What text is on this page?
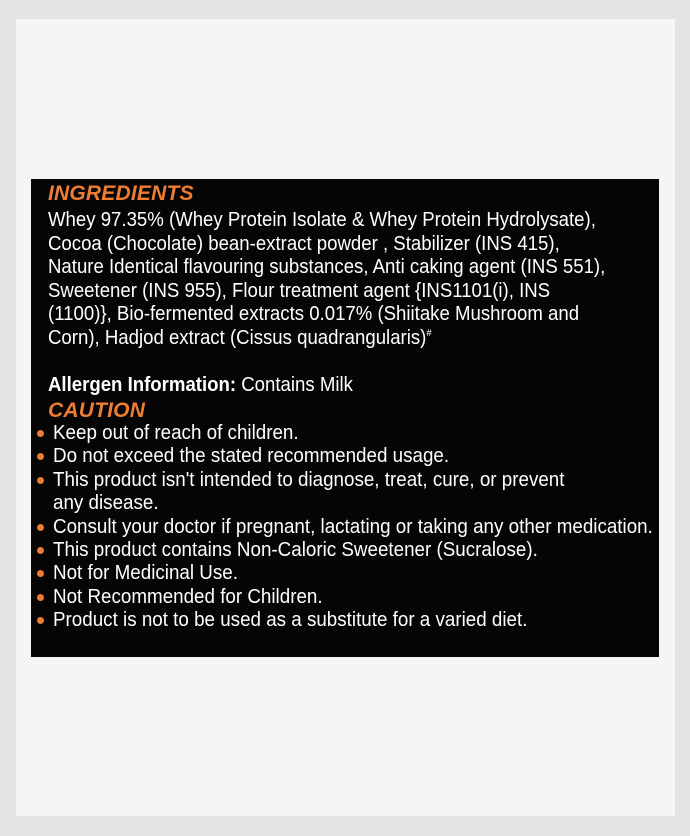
INGREDIENTS

Whey 97.35% (Whey Protein Isolate & Whey Protein Hydrolysate), Cocoa (Chocolate) bean-extract powder , Stabilizer (INS 415), Nature Identical flavouring substances, Anti caking agent (INS 551), Sweetener (INS 955), Flour treatment agent {INS1101(i), INS (1100)}, Bio-fermented extracts 0.017% (Shiitake Mushroom and Corn), Hadjod extract (Cissus quadrangularis)#

Allergen Information: Contains Milk

CAUTION
Keep out of reach of children.
Do not exceed the stated recommended usage.
This product isn't intended to diagnose, treat, cure, or prevent any disease.
Consult your doctor if pregnant, lactating or taking any other medication.
This product contains Non-Caloric Sweetener (Sucralose).
Not for Medicinal Use.
Not Recommended for Children.
Product is not to be used as a substitute for a varied diet.
